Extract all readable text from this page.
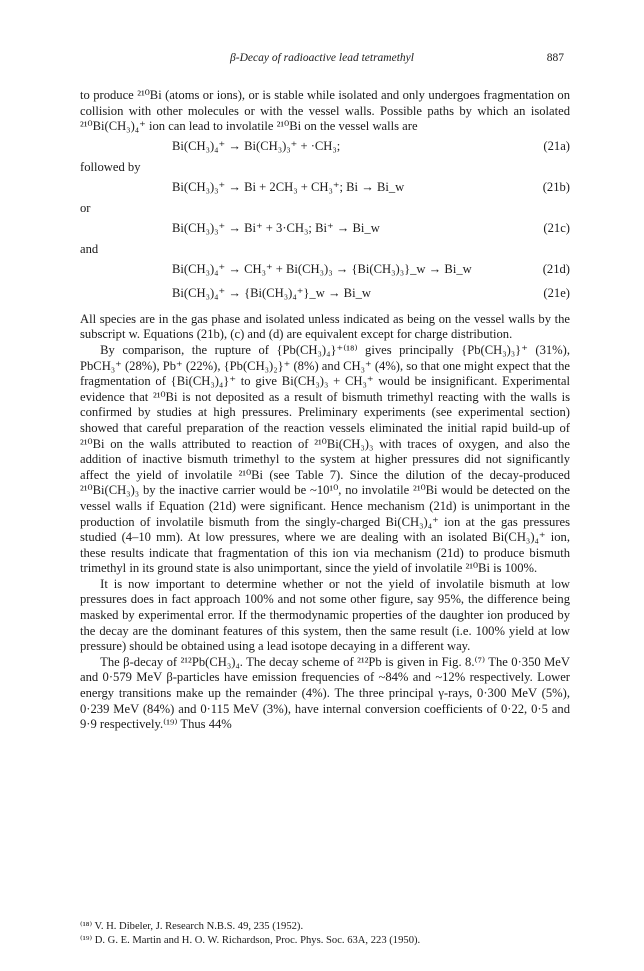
β-Decay of radioactive lead tetramethyl	887

to produce ²¹⁰Bi (atoms or ions), or is stable while isolated and only undergoes fragmentation on collision with other molecules or with the vessel walls. Possible paths by which an isolated ²¹⁰Bi(CH₃)₄⁺ ion can lead to involatile ²¹⁰Bi on the vessel walls are

Bi(CH₃)₄⁺ → Bi(CH₃)₃⁺ + ·CH₃;	(21a)
followed by
Bi(CH₃)₃⁺ → Bi + 2CH₃ + CH₃⁺; Bi → Bi_w	(21b)
or
Bi(CH₃)₃⁺ → Bi⁺ + 3·CH₃; Bi⁺ → Bi_w	(21c)
and
Bi(CH₃)₄⁺ → CH₃⁺ + Bi(CH₃)₃ → {Bi(CH₃)₃}_w → Bi_w	(21d)
Bi(CH₃)₄⁺ → {Bi(CH₃)₄⁺}_w → Bi_w	(21e)

All species are in the gas phase and isolated unless indicated as being on the vessel walls by the subscript w. Equations (21b), (c) and (d) are equivalent except for charge distribution.

By comparison, the rupture of {Pb(CH₃)₄}⁺⁽¹⁸⁾ gives principally {Pb(CH₃)₃}⁺ (31%), PbCH₃⁺ (28%), Pb⁺ (22%), {Pb(CH₃)₂}⁺ (8%) and CH₃⁺ (4%), so that one might expect that the fragmentation of {Bi(CH₃)₄}⁺ to give Bi(CH₃)₃ + CH₃⁺ would be insignificant. Experimental evidence that ²¹⁰Bi is not deposited as a result of bismuth trimethyl reacting with the walls is confirmed by studies at high pressures. Preliminary experiments (see experimental section) showed that careful preparation of the reaction vessels eliminated the initial rapid build-up of ²¹⁰Bi on the walls attributed to reaction of ²¹⁰Bi(CH₃)₃ with traces of oxygen, and also the addition of inactive bismuth trimethyl to the system at higher pressures did not significantly affect the yield of involatile ²¹⁰Bi (see Table 7). Since the dilution of the decay-produced ²¹⁰Bi(CH₃)₃ by the inactive carrier would be ~10¹⁰, no involatile ²¹⁰Bi would be detected on the vessel walls if Equation (21d) were significant. Hence mechanism (21d) is unimportant in the production of involatile bismuth from the singly-charged Bi(CH₃)₄⁺ ion at the gas pressures studied (4–10 mm). At low pressures, where we are dealing with an isolated Bi(CH₃)₄⁺ ion, these results indicate that fragmentation of this ion via mechanism (21d) to produce bismuth trimethyl in its ground state is also unimportant, since the yield of involatile ²¹⁰Bi is 100%.

It is now important to determine whether or not the yield of involatile bismuth at low pressures does in fact approach 100% and not some other figure, say 95%, the difference being masked by experimental error. If the thermodynamic properties of the daughter ion produced by the decay are the dominant features of this system, then the same result (i.e. 100% yield at low pressure) should be obtained using a lead isotope decaying in a different way.

The β-decay of ²¹²Pb(CH₃)₄. The decay scheme of ²¹²Pb is given in Fig. 8.⁽⁷⁾ The 0·350 MeV and 0·579 MeV β-particles have emission frequencies of ~84% and ~12% respectively. Lower energy transitions make up the remainder (4%). The three principal γ-rays, 0·300 MeV (5%), 0·239 MeV (84%) and 0·115 MeV (3%), have internal conversion coefficients of 0·22, 0·5 and 9·9 respectively.⁽¹⁹⁾ Thus 44%

⁽¹⁸⁾ V. H. Dibeler, J. Research N.B.S. 49, 235 (1952).
⁽¹⁹⁾ D. G. E. Martin and H. O. W. Richardson, Proc. Phys. Soc. 63A, 223 (1950).
